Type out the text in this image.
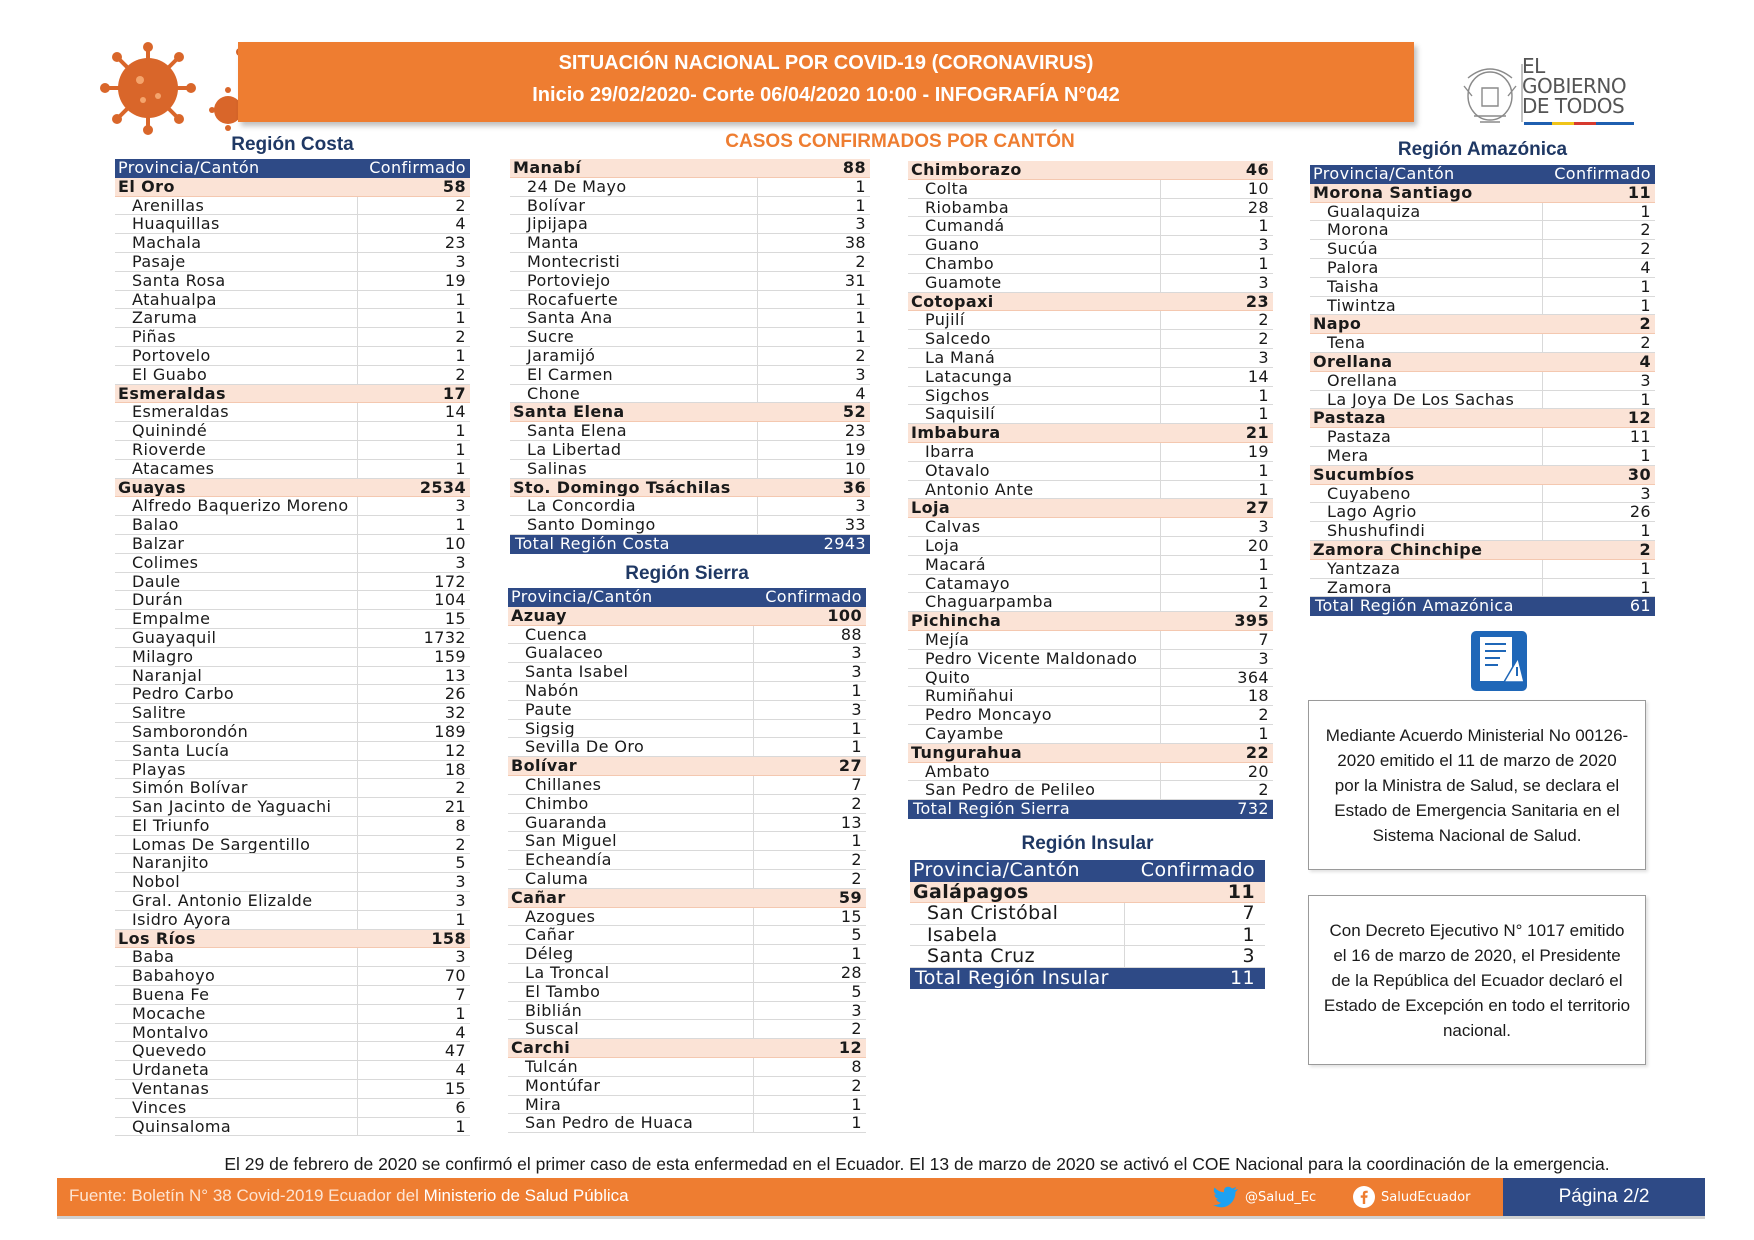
SITUACIÓN NACIONAL POR COVID-19 (CORONAVIRUS)
Inicio 29/02/2020- Corte 06/04/2020 10:00 - INFOGRAFÍA N°042
EL
GOBIERNO
DE TODOS
CASOS CONFIRMADOS POR CANTÓN
Región Costa
Región Sierra
Región Insular
Región Amazónica
Provincia/Cantón	Confirmado
El Oro	58
Arenillas	2
Huaquillas	4
Machala	23
Pasaje	3
Santa Rosa	19
Atahualpa	1
Zaruma	1
Piñas	2
Portovelo	1
El Guabo	2
Esmeraldas	17
Esmeraldas	14
Quinindé	1
Rioverde	1
Atacames	1
Guayas	2534
Alfredo Baquerizo Moreno	3
Balao	1
Balzar	10
Colimes	3
Daule	172
Durán	104
Empalme	15
Guayaquil	1732
Milagro	159
Naranjal	13
Pedro Carbo	26
Salitre	32
Samborondón	189
Santa Lucía	12
Playas	18
Simón Bolívar	2
San Jacinto de Yaguachi	21
El Triunfo	8
Lomas De Sargentillo	2
Naranjito	5
Nobol	3
Gral. Antonio Elizalde	3
Isidro Ayora	1
Los Ríos	158
Baba	3
Babahoyo	70
Buena Fe	7
Mocache	1
Montalvo	4
Quevedo	47
Urdaneta	4
Ventanas	15
Vinces	6
Quinsaloma	1
Manabí	88
24 De Mayo	1
Bolívar	1
Jipijapa	3
Manta	38
Montecristi	2
Portoviejo	31
Rocafuerte	1
Santa Ana	1
Sucre	1
Jaramijó	2
El Carmen	3
Chone	4
Santa Elena	52
Santa Elena	23
La Libertad	19
Salinas	10
Sto. Domingo Tsáchilas	36
La Concordia	3
Santo Domingo	33
Total Región Costa	2943
Provincia/Cantón	Confirmado
Azuay	100
Cuenca	88
Gualaceo	3
Santa Isabel	3
Nabón	1
Paute	3
Sigsig	1
Sevilla De Oro	1
Bolívar	27
Chillanes	7
Chimbo	2
Guaranda	13
San Miguel	1
Echeandía	2
Caluma	2
Cañar	59
Azogues	15
Cañar	5
Déleg	1
La Troncal	28
El Tambo	5
Biblián	3
Suscal	2
Carchi	12
Tulcán	8
Montúfar	2
Mira	1
San Pedro de Huaca	1
Chimborazo	46
Colta	10
Riobamba	28
Cumandá	1
Guano	3
Chambo	1
Guamote	3
Cotopaxi	23
Pujilí	2
Salcedo	2
La Maná	3
Latacunga	14
Sigchos	1
Saquisilí	1
Imbabura	21
Ibarra	19
Otavalo	1
Antonio Ante	1
Loja	27
Calvas	3
Loja	20
Macará	1
Catamayo	1
Chaguarpamba	2
Pichincha	395
Mejía	7
Pedro Vicente Maldonado	3
Quito	364
Rumiñahui	18
Pedro Moncayo	2
Cayambe	1
Tungurahua	22
Ambato	20
San Pedro de Pelileo	2
Total Región Sierra	732
Provincia/Cantón	Confirmado
Galápagos	11
San Cristóbal	7
Isabela	1
Santa Cruz	3
Total Región Insular	11
Provincia/Cantón	Confirmado
Morona Santiago	11
Gualaquiza	1
Morona	2
Sucúa	2
Palora	4
Taisha	1
Tiwintza	1
Napo	2
Tena	2
Orellana	4
Orellana	3
La Joya De Los Sachas	1
Pastaza	12
Pastaza	11
Mera	1
Sucumbíos	30
Cuyabeno	3
Lago Agrio	26
Shushufindi	1
Zamora Chinchipe	2
Yantzaza	1
Zamora	1
Total Región Amazónica	61
Mediante Acuerdo Ministerial No 00126-2020 emitido el 11 de marzo de 2020 por la Ministra de Salud, se declara el Estado de Emergencia Sanitaria en el Sistema Nacional de Salud.
Con Decreto Ejecutivo N° 1017 emitido el 16 de marzo de 2020, el Presidente de la República del Ecuador declaró el Estado de Excepción en todo el territorio nacional.
El 29 de febrero de 2020 se confirmó el primer caso de esta enfermedad en el Ecuador. El 13 de marzo de 2020 se activó el COE Nacional para la coordinación de la emergencia.
Fuente: Boletín N° 38 Covid-2019 Ecuador del Ministerio de Salud Pública	@Salud_Ec	SaludEcuador	Página 2/2
